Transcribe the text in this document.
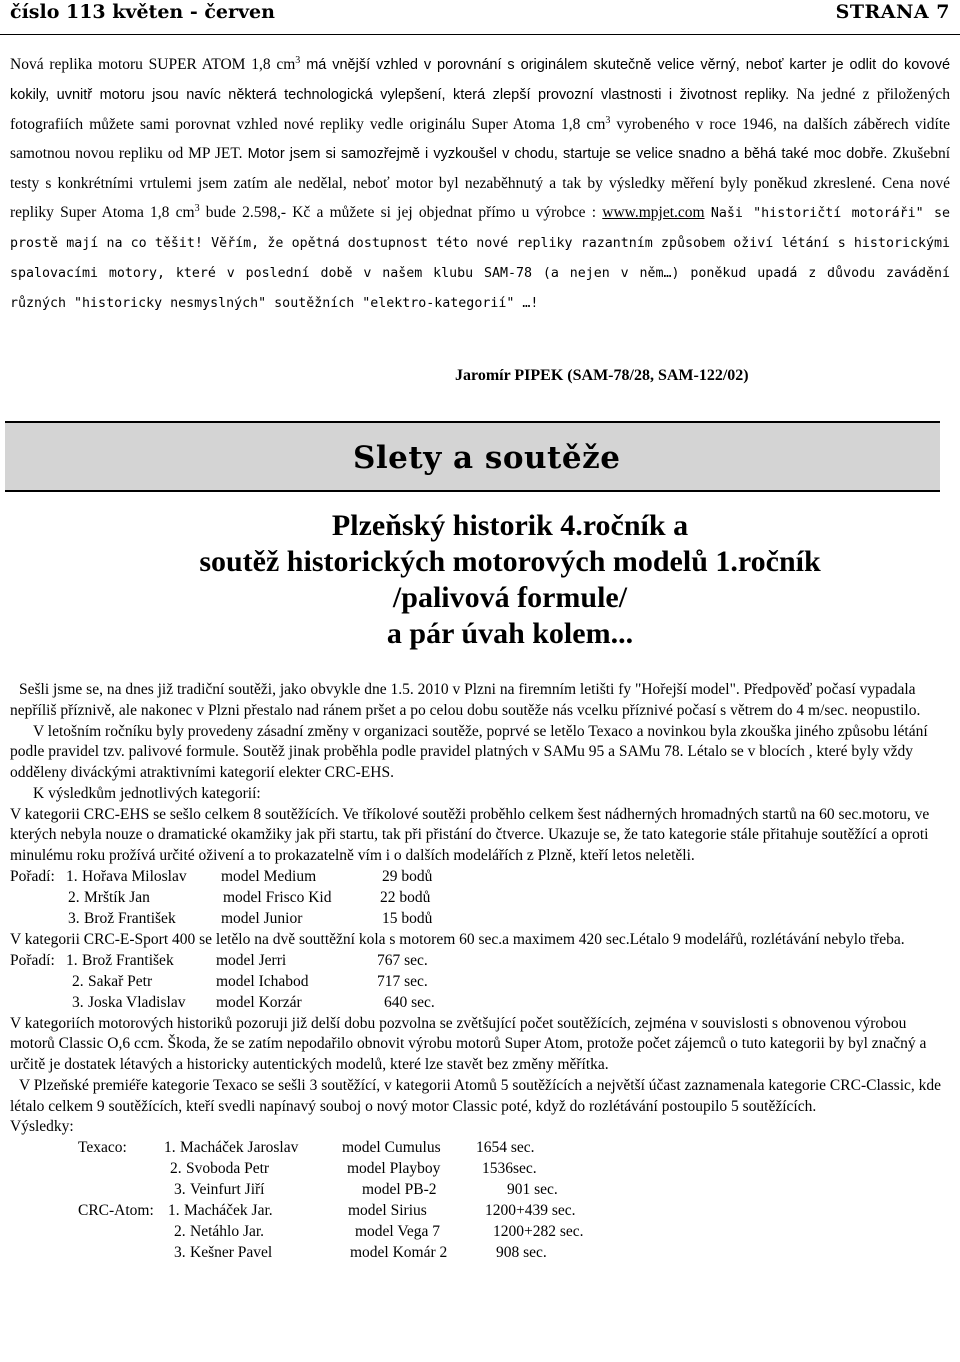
číslo 113 květen - červen	STRANA 7

Nová replika motoru SUPER ATOM 1,8 $cm^3$ má vnější vzhled v porovnání s originálem skutečně velice věrný, neboť karter je odlit do kovové kokily, uvnitř motoru jsou navíc některá technologická vylepšení, která zlepší provozní vlastnosti i životnost repliky. Na jedné z přiložených fotografiích můžete sami porovnat vzhled nové repliky vedle originálu Super Atoma 1,8 $cm^3$ vyrobeného v roce 1946, na dalších záběrech vidíte samotnou novou repliku od MP JET. Motor jsem si samozřejmě i vyzkoušel v chodu, startuje se velice snadno a běhá také moc dobře. Zkušební testy s konkrétními vrtulemi jsem zatím ale nedělal, neboť motor byl nezaběhnutý a tak by výsledky měření byly poněkud zkreslené. Cena nové repliky Super Atoma 1,8 $cm^3$ bude 2.598,- Kč a můžete si jej objednat přímo u výrobce : www.mpjet.com Naši "historičtí motoráři" se prostě mají na co těšit! Věřím, že opětná dostupnost této nové repliky razantním způsobem oživí létání s historickými spalovacími motory, které v poslední době v našem klubu SAM-78 (a nejen v něm…) poněkud upadá z důvodu zavádění různých "historicky nesmyslných" soutěžních "elektro-kategorií" …!

Jaromír PIPEK (SAM-78/28, SAM-122/02)

Slety a soutěže
Plzeňský historik 4.ročník a
soutěž historických motorových modelů 1.ročník
/palivová formule/
a pár úvah kolem...

Sešli jsme se, na dnes již tradiční soutěži, jako obvykle dne 1.5. 2010 v Plzni na firemním letišti fy "Hořejší model". Předpověď počasí vypadala nepříliš příznivě, ale nakonec v Plzni přestalo nad ránem pršet a po celou dobu soutěže nás vcelku příznivé počasí s větrem do 4 m/sec. neopustilo.

V letošním ročníku byly provedeny zásadní změny v organizaci soutěže, poprvé se letělo Texaco a novinkou byla zkouška jiného způsobu létání podle pravidel tzv. palivové formule. Soutěž jinak proběhla podle pravidel platných v SAMu 95 a SAMu 78. Létalo se v blocích , které byly vždy odděleny diváckými atraktivními kategorií elekter CRC-EHS.

K výsledkům jednotlivých kategorií:

V kategorii CRC-EHS se sešlo celkem 8 soutěžících. Ve tříkolové soutěži proběhlo celkem šest nádherných hromadných startů na 60 sec.motoru, ve kterých nebyla nouze o dramatické okamžiky jak při startu, tak při přistání do čtverce. Ukazuje se, že tato kategorie stále přitahuje soutěžící a oproti minulému roku prožívá určité oživení a to prokazatelně vím i o dalších modelářích z Plzně, kteří letos neletěli.

Pořadí: 1. Hořava Miloslav model Medium	29 bodů
2. Mrštík Jan	model Frisco Kid	22 bodů
3. Brož František	model Junior	15 bodů

V kategorii CRC-E-Sport 400 se letělo na dvě souttěžní kola s motorem 60 sec.a maximem 420 sec.Létalo 9 modelářů, rozlétávání nebylo třeba.

Pořadí: 1. Brož František	model Jerri	767 sec.
2. Sakař Petr	model Ichabod	717 sec.
3. Joska Vladislav model Korzár	640 sec.

V kategoriích motorových historiků pozoruji již delší dobu pozvolna se zvětšující počet soutěžících, zejména v souvislosti s obnovenou výrobou motorů Classic O,6 ccm. Škoda, že se zatím nepodařilo obnovit výrobu motorů Super Atom, protože počet zájemců o tuto kategorii by byl značný a určitě je dostatek létavých a historicky autentických modelů, které lze stavět bez změny měřítka.

V Plzeňské premiéře kategorie Texaco se sešli 3 soutěžící, v kategorii Atomů 5 soutěžících a největší účast zaznamenala kategorie CRC-Classic, kde létalo celkem 9 soutěžících, kteří svedli napínavý souboj o nový motor Classic poté, když do rozlétávání postoupilo 5 soutěžících.

Výsledky:

Texaco: 1. Macháček Jaroslav	model Cumulus 1654 sec.
2. Svoboda Petr	model Playboy	1536sec.
3. Veinfurt Jiří	model PB-2	901 sec.
CRC-Atom: 1. Macháček Jar.	model Sirius	1200+439 sec.
2. Netáhlo Jar.	model Vega 7	1200+282 sec.
3. Kešner Pavel	model Komár 2	908 sec.
